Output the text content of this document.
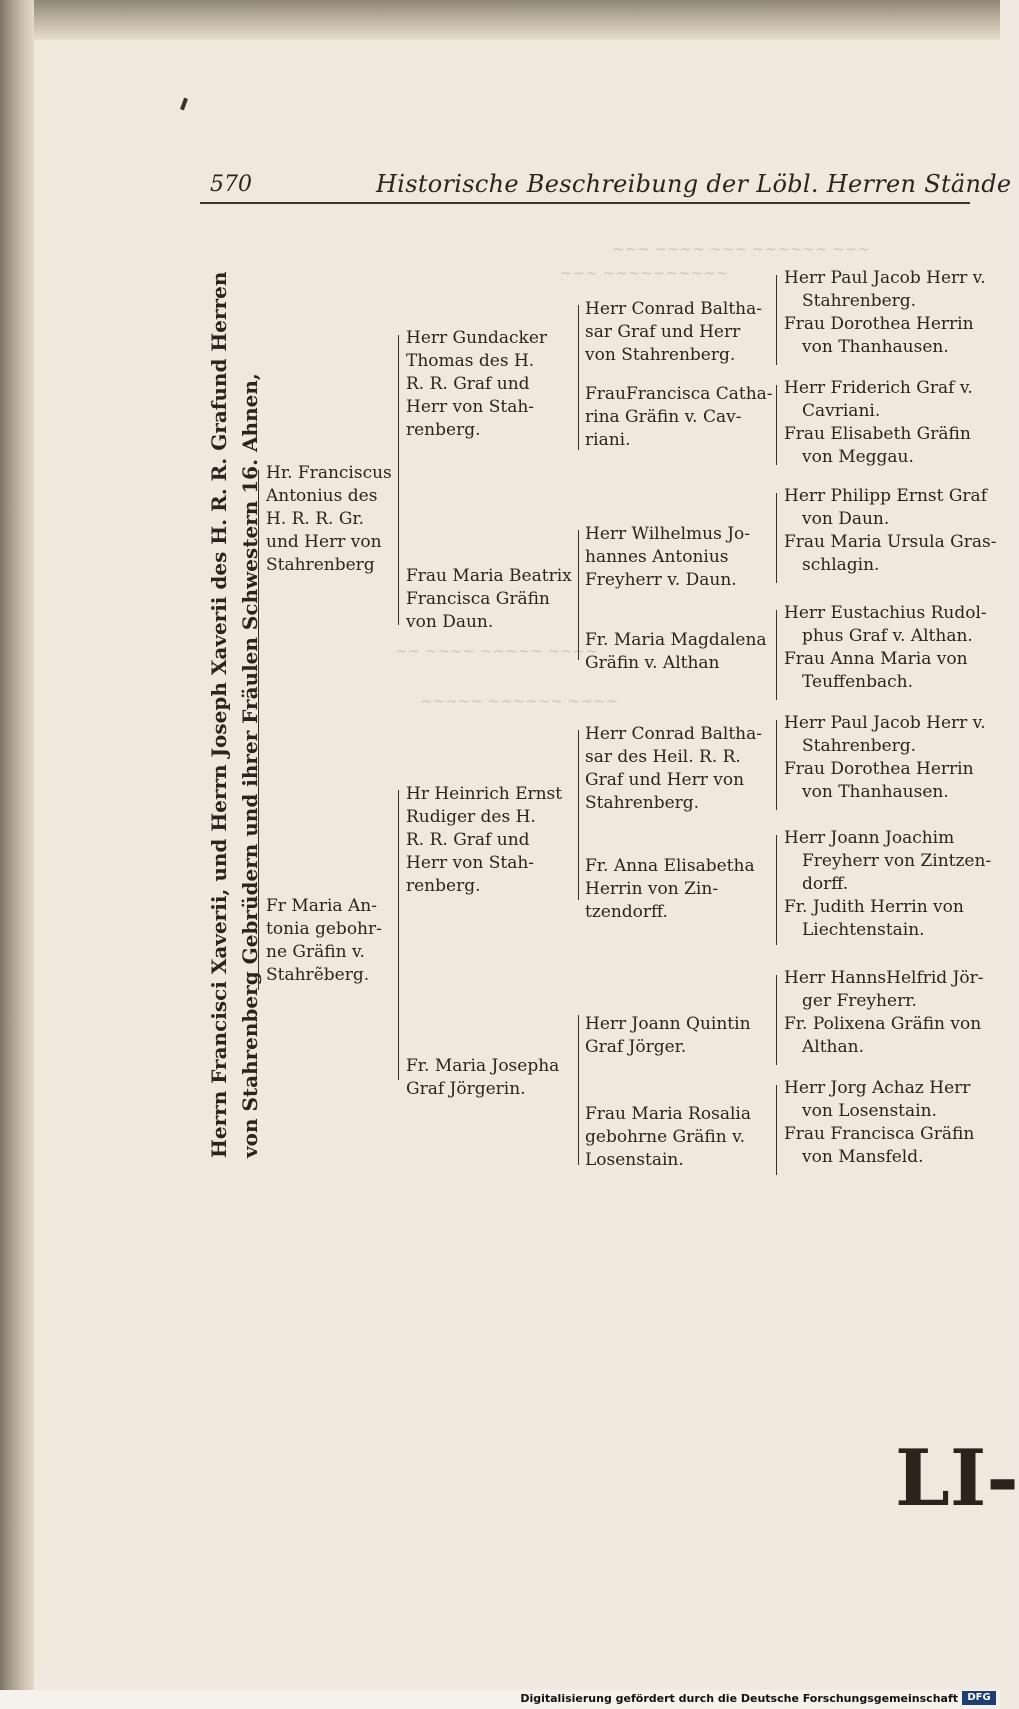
∼∼∼ ∼∼∼∼ ∼∼∼ ∼∼∼∼∼∼ ∼∼∼
∼∼∼ ∼∼∼∼∼∼∼∼∼∼
∼∼ ∼∼∼∼ ∼∼∼∼∼ ∼∼∼∼
∼∼∼∼∼ ∼∼∼∼∼∼ ∼∼∼∼
570	Historische Beschreibung der Löbl. Herren Stände
Herrn Francisci Xaverii, und Herrn Joseph Xaverii des H. R. R. Grafund Herren von Stahrenberg Gebrüdern und ihrer Fräulen Schwestern 16. Ahnen, Hr. Franciscus
Antonius des
H. R. R. Gr.
und Herr von
Stahrenberg
Fr Maria An-
tonia gebohr-
ne Gräfin v.
Stahrẽberg.
Herr Gundacker
Thomas des H.
R. R. Graf und
Herr von Stah-
renberg.
Frau Maria Beatrix
Francisca Gräfin
von Daun.
Hr Heinrich Ernst
Rudiger des H.
R. R. Graf und
Herr von Stah-
renberg.
Fr. Maria Josepha
Graf Jörgerin.
Herr Conrad Baltha-
sar Graf und Herr
von Stahrenberg.
FrauFrancisca Catha-
rina Gräfin v. Cav-
riani.
Herr Wilhelmus Jo-
hannes Antonius
Freyherr v. Daun.
Fr. Maria Magdalena
Gräfin v. Althan
Herr Conrad Baltha-
sar des Heil. R. R.
Graf und Herr von
Stahrenberg.
Fr. Anna Elisabetha
Herrin von Zin-
tzendorff.
Herr Joann Quintin
Graf Jörger.
Frau Maria Rosalia
gebohrne Gräfin v.
Losenstain.
Herr Paul Jacob Herr v.
Stahrenberg.
Frau Dorothea Herrin
von Thanhausen.
Herr Friderich Graf v.
Cavriani.
Frau Elisabeth Gräfin
von Meggau.
Herr Philipp Ernst Graf
von Daun.
Frau Maria Ursula Gras-
schlagin.
Herr Eustachius Rudol-
phus Graf v. Althan.
Frau Anna Maria von
Teuffenbach.
Herr Paul Jacob Herr v.
Stahrenberg.
Frau Dorothea Herrin
von Thanhausen.
Herr Joann Joachim
Freyherr von Zintzen-
dorff.
Fr. Judith Herrin von
Liechtenstain.
Herr HannsHelfrid Jör-
ger Freyherr.
Fr. Polixena Gräfin von
Althan.
Herr Jorg Achaz Herr
von Losenstain.
Frau Francisca Gräfin
von Mansfeld.
LI-
Digitalisierung gefördert durch die Deutsche Forschungsgemeinschaft DFG
